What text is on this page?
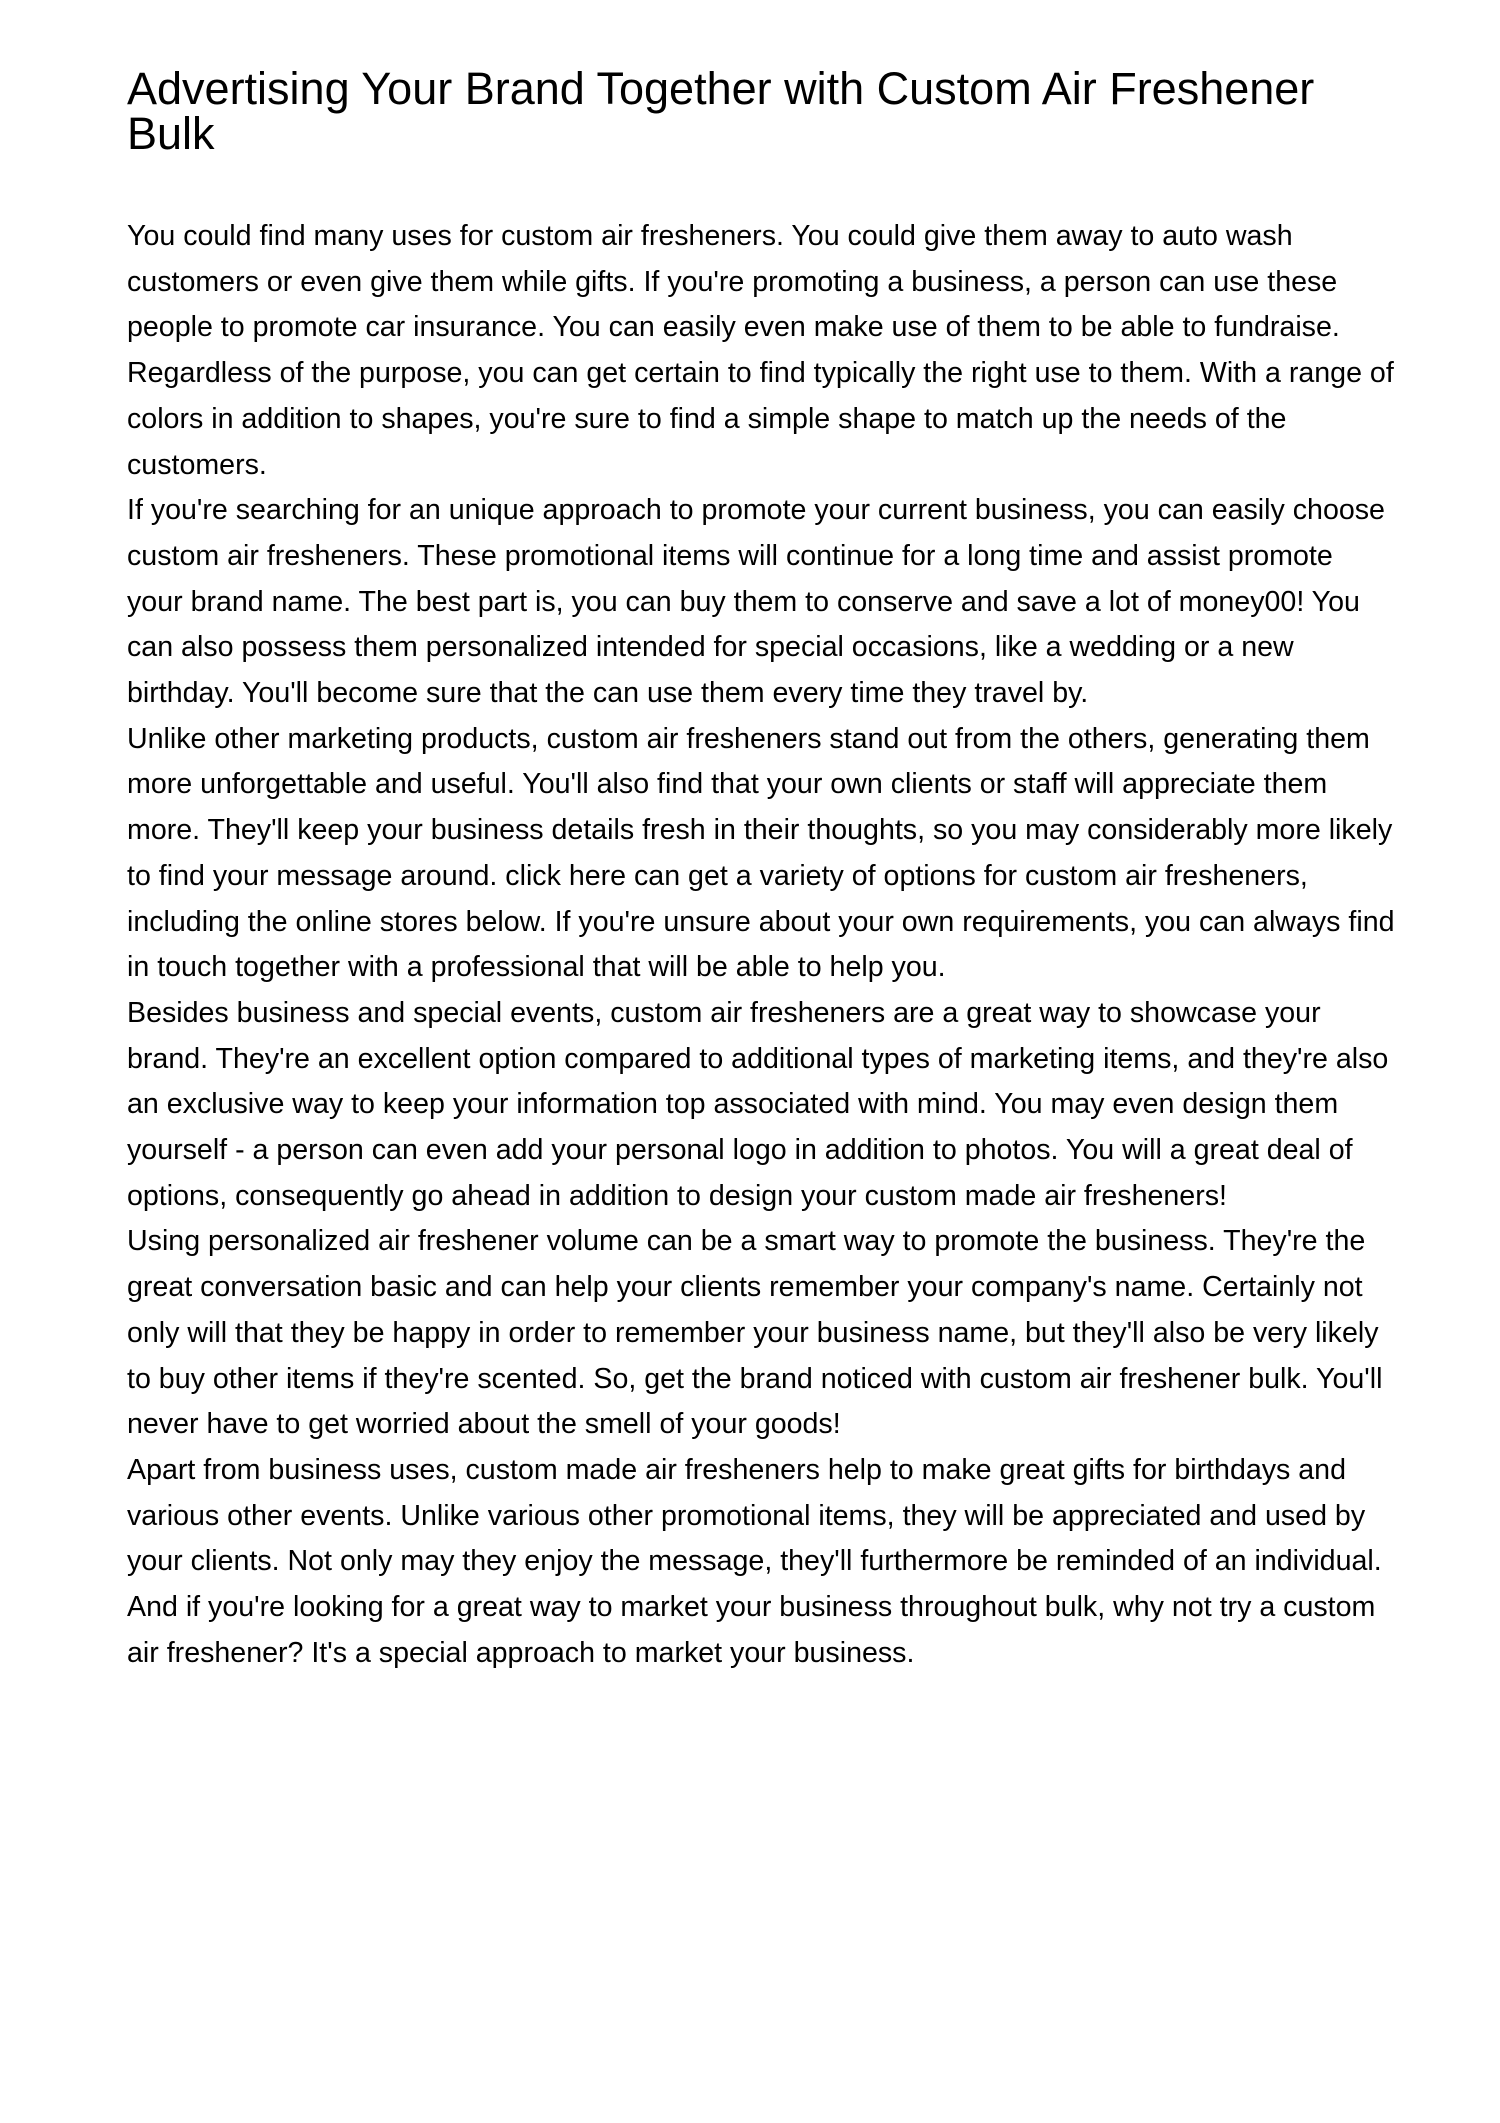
Advertising Your Brand Together with Custom Air Freshener Bulk

You could find many uses for custom air fresheners. You could give them away to auto wash customers or even give them while gifts. If you're promoting a business, a person can use these people to promote car insurance. You can easily even make use of them to be able to fundraise. Regardless of the purpose, you can get certain to find typically the right use to them. With a range of colors in addition to shapes, you're sure to find a simple shape to match up the needs of the customers.

If you're searching for an unique approach to promote your current business, you can easily choose custom air fresheners. These promotional items will continue for a long time and assist promote your brand name. The best part is, you can buy them to conserve and save a lot of money00! You can also possess them personalized intended for special occasions, like a wedding or a new birthday. You'll become sure that the can use them every time they travel by.

Unlike other marketing products, custom air fresheners stand out from the others, generating them more unforgettable and useful. You'll also find that your own clients or staff will appreciate them more. They'll keep your business details fresh in their thoughts, so you may considerably more likely to find your message around. click here can get a variety of options for custom air fresheners, including the online stores below. If you're unsure about your own requirements, you can always find in touch together with a professional that will be able to help you.

Besides business and special events, custom air fresheners are a great way to showcase your brand. They're an excellent option compared to additional types of marketing items, and they're also an exclusive way to keep your information top associated with mind. You may even design them yourself - a person can even add your personal logo in addition to photos. You will a great deal of options, consequently go ahead in addition to design your custom made air fresheners!

Using personalized air freshener volume can be a smart way to promote the business. They're the great conversation basic and can help your clients remember your company's name. Certainly not only will that they be happy in order to remember your business name, but they'll also be very likely to buy other items if they're scented. So, get the brand noticed with custom air freshener bulk. You'll never have to get worried about the smell of your goods!

Apart from business uses, custom made air fresheners help to make great gifts for birthdays and various other events. Unlike various other promotional items, they will be appreciated and used by your clients. Not only may they enjoy the message, they'll furthermore be reminded of an individual. And if you're looking for a great way to market your business throughout bulk, why not try a custom air freshener? It's a special approach to market your business.
